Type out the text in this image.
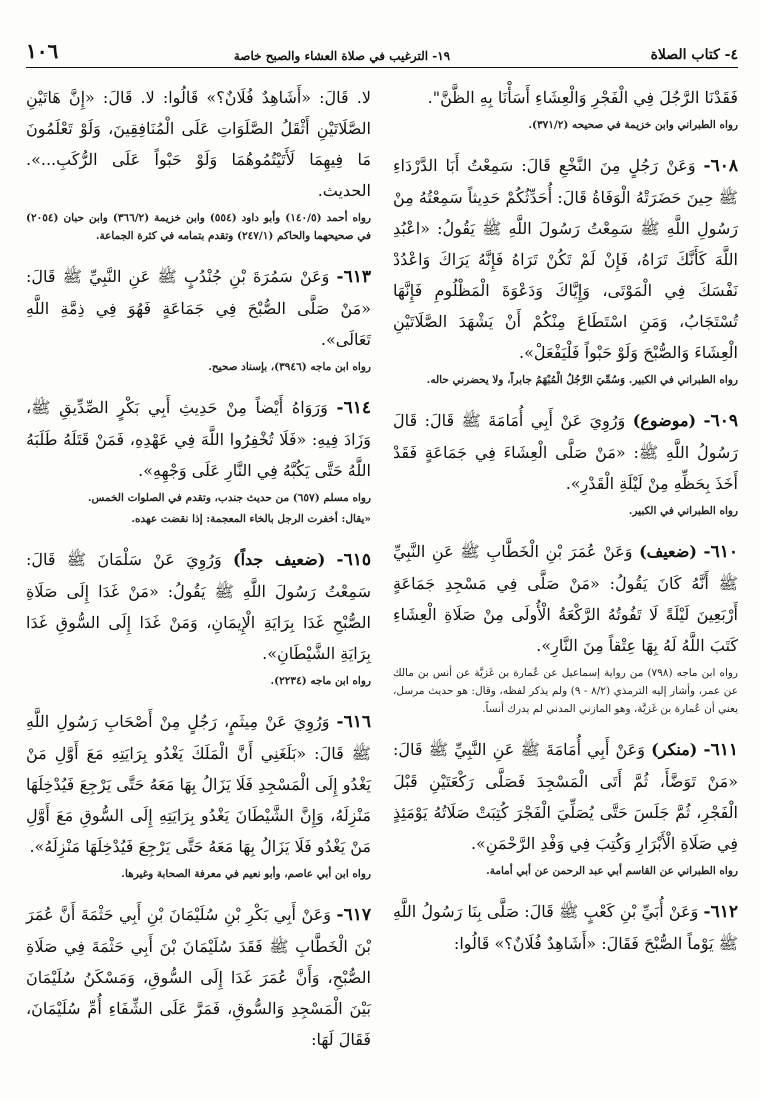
٤- كتاب الصلاة
١٩- الترغيب في صلاة العشاء والصبح خاصة
١٠٦

فَقَدْنَا الرَّجُلَ فِي الْفَجْرِ وَالْعِشَاءِ أَسَأْنَا بِهِ الظَّنَّ".

رواه الطبراني وابن خزيمة في صحيحه (٣٧١/٢).

٦٠٨- وَعَنْ رَجُلٍ مِنَ النَّخْعِ قَالَ: سَمِعْتُ أَبَا الدَّرْدَاءِ ﷺ حِينَ حَضَرَتْهُ الْوَفَاةُ قَالَ: أُحَدِّثُكُمْ حَدِيثاً سَمِعْتُهُ مِنْ رَسُولِ اللَّهِ ﷺ سَمِعْتُ رَسُولَ اللَّهِ ﷺ يَقُولُ: «اعْبُدِ اللَّهَ كَأَنَّكَ تَرَاهُ، فَإِنْ لَمْ تَكُنْ تَرَاهُ فَإِنَّهُ يَرَاكَ وَاعْدُدْ نَفْسَكَ فِي الْمَوْتَى، وَإِيَّاكَ وَدَعْوَةَ الْمَظْلُومِ فَإِنَّهَا تُسْتَجَابُ، وَمَنِ اسْتَطَاعَ مِنْكُمْ أَنْ يَشْهَدَ الصَّلَاتَيْنِ الْعِشَاءَ وَالصُّبْحَ وَلَوْ حَبْواً فَلْيَفْعَلْ».

رواه الطبراني في الكبير. وَسُمِّيَ الرَّجُلُ الْمُبْهَمُ جابراً، ولا يحضرني حاله.

٦٠٩- (موضوع) وَرُوِيَ عَنْ أَبِي أُمَامَةَ ﷺ قَالَ: قَالَ رَسُولُ اللَّهِ ﷺ: «مَنْ صَلَّى الْعِشَاءَ فِي جَمَاعَةٍ فَقَدْ أَخَذَ بِحَظِّهِ مِنْ لَيْلَةِ الْقَدْرِ».

رواه الطبراني في الكبير.

٦١٠- (ضعيف) وَعَنْ عُمَرَ بْنِ الْخَطَّابِ ﷺ عَنِ النَّبِيِّ ﷺ أَنَّهُ كَانَ يَقُولُ: «مَنْ صَلَّى فِي مَسْجِدِ جَمَاعَةٍ أَرْبَعِينَ لَيْلَةً لَا تَفُوتُهُ الرَّكْعَةُ الْأُولَى مِنْ صَلَاةِ الْعِشَاءِ كَتَبَ اللَّهُ لَهُ بِهَا عِتْقاً مِنَ النَّارِ».

رواه ابن ماجه (٧٩٨) من رواية إسماعيل عن عُمارة بن غَزيَّة عن أنس بن مالك عن عمر، وأشار إليه الترمذي (٨/٢ - ٩) ولم يذكر لفظه، وقال: هو حديث مرسل، يعني أن عُمارة بن غَزيَّة، وهو المازني المدني لم يدرك أنساً.

٦١١- (منكر) وَعَنْ أَبِي أُمَامَةَ ﷺ عَنِ النَّبِيِّ ﷺ قَالَ: «مَنْ تَوَضَّأَ، ثُمَّ أَتَى الْمَسْجِدَ فَصَلَّى رَكْعَتَيْنِ قَبْلَ الْفَجْرِ، ثُمَّ جَلَسَ حَتَّى يُصَلِّيَ الْفَجْرَ كُتِبَتْ صَلَاتُهُ يَوْمَئِذٍ فِي صَلَاةِ الْأَبْرَارِ وَكُتِبَ فِي وَفْدِ الرَّحْمَنِ».

رواه الطبراني عن القاسم أبي عبد الرحمن عن أبي أمامة.

٦١٢- وَعَنْ أُبَيِّ بْنِ كَعْبٍ ﷺ قَالَ: صَلَّى بِنَا رَسُولُ اللَّهِ ﷺ يَوْماً الصُّبْحَ فَقَالَ: «أَشَاهِدٌ فُلَانٌ؟» قَالُوا:

لا. قَالَ: «أَشَاهِدٌ فُلَانٌ؟» قَالُوا: لا. قَالَ: «إِنَّ هَاتَيْنِ الصَّلَاتَيْنِ أَثْقَلُ الصَّلَوَاتِ عَلَى الْمُنَافِقِينَ، وَلَوْ تَعْلَمُونَ مَا فِيهِمَا لَأَتَيْتُمُوهُمَا وَلَوْ حَبْواً عَلَى الرُّكَبِ...». الحديث.

رواه أحمد (١٤٠/٥) وأبو داود (٥٥٤) وابن خزيمة (٣٦٦/٢) وابن حبان (٢٠٥٤) في صحيحهما والحاكم (٢٤٧/١) وتقدم بتمامه في كثرة الجماعة.

٦١٣- وَعَنْ سَمُرَةَ بْنِ جُنْدُبٍ ﷺ عَنِ النَّبِيِّ ﷺ قَالَ: «مَنْ صَلَّى الصُّبْحَ فِي جَمَاعَةٍ فَهُوَ فِي ذِمَّةِ اللَّهِ تَعَالَى».

رواه ابن ماجه (٣٩٤٦)، بإسناد صحيح.

٦١٤- وَرَوَاهُ أَيْضاً مِنْ حَدِيثِ أَبِي بَكْرٍ الصِّدِّيقِ ﷺ، وَزَادَ فِيهِ: «فَلَا تُخْفِرُوا اللَّهَ فِي عَهْدِهِ، فَمَنْ قَتَلَهُ طَلَبَهُ اللَّهُ حَتَّى يَكُبَّهُ فِي النَّارِ عَلَى وَجْهِهِ».

رواه مسلم (٦٥٧) من حديث جندب، وتقدم في الصلوات الخمس.

«يقال: أخفرت الرجل بالخاء المعجمة: إذا نقضت عهده.

٦١٥- (ضعيف جداً) وَرُوِيَ عَنْ سَلْمَانَ ﷺ قَالَ: سَمِعْتُ رَسُولَ اللَّهِ ﷺ يَقُولُ: «مَنْ غَدَا إِلَى صَلَاةِ الصُّبْحِ غَدَا بِرَايَةِ الْإِيمَانِ، وَمَنْ غَدَا إِلَى السُّوقِ غَدَا بِرَايَةِ الشَّيْطَانِ».

رواه ابن ماجه (٢٢٣٤).

٦١٦- وَرُوِيَ عَنْ مِيثَمٍ، رَجُلٍ مِنْ أَصْحَابِ رَسُولِ اللَّهِ ﷺ قَالَ: «بَلَغَنِي أَنَّ الْمَلَكَ يَغْدُو بِرَايَتِهِ مَعَ أَوَّلِ مَنْ يَغْدُو إِلَى الْمَسْجِدِ فَلَا يَزَالُ بِهَا مَعَهُ حَتَّى يَرْجِعَ فَيُدْخِلَهَا مَنْزِلَهُ، وَإِنَّ الشَّيْطَانَ يَغْدُو بِرَايَتِهِ إِلَى السُّوقِ مَعَ أَوَّلِ مَنْ يَغْدُو فَلَا يَزَالُ بِهَا مَعَهُ حَتَّى يَرْجِعَ فَيُدْخِلَهَا مَنْزِلَهُ».

رواه ابن أبي عاصم، وأبو نعيم في معرفة الصحابة وغيرها.

٦١٧- وَعَنْ أَبِي بَكْرِ بْنِ سُلَيْمَانَ بْنِ أَبِي حَثْمَةَ أَنَّ عُمَرَ بْنَ الْخَطَّابِ ﷺ فَقَدَ سُلَيْمَانَ بْنَ أَبِي حَثْمَةَ فِي صَلَاةِ الصُّبْحِ، وَأَنَّ عُمَرَ غَدَا إِلَى السُّوقِ، وَمَسْكَنُ سُلَيْمَانَ بَيْنَ الْمَسْجِدِ وَالسُّوقِ، فَمَرَّ عَلَى الشِّفَاءِ أُمِّ سُلَيْمَانَ، فَقَالَ لَهَا:
